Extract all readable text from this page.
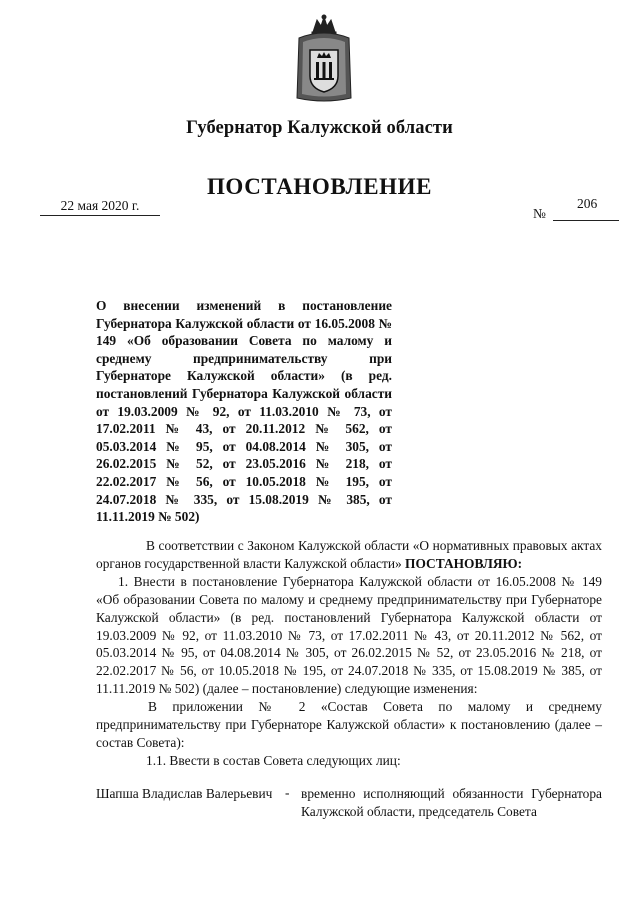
Губернатор Калужской области
ПОСТАНОВЛЕНИЕ
22 мая 2020 г.
№
206
О внесении изменений в постановление Губернатора Калужской области от 16.05.2008 № 149 «Об образовании Совета по малому и среднему предпринимательству при Губернаторе Калужской области» (в ред. постановлений Губернатора Калужской области от 19.03.2009 № 92, от 11.03.2010 № 73, от 17.02.2011 № 43, от 20.11.2012 № 562, от 05.03.2014 № 95, от 04.08.2014 № 305, от 26.02.2015 № 52, от 23.05.2016 № 218, от 22.02.2017 № 56, от 10.05.2018 № 195, от 24.07.2018 № 335, от 15.08.2019 № 385, от 11.11.2019 № 502)

В соответствии с Законом Калужской области «О нормативных правовых актах органов государственной власти Калужской области» ПОСТАНОВЛЯЮ:

1. Внести в постановление Губернатора Калужской области от 16.05.2008 № 149 «Об образовании Совета по малому и среднему предпринимательству при Губернаторе Калужской области» (в ред. постановлений Губернатора Калужской области от 19.03.2009 № 92, от 11.03.2010 № 73, от 17.02.2011 № 43, от 20.11.2012 № 562, от 05.03.2014 № 95, от 04.08.2014 № 305, от 26.02.2015 № 52, от 23.05.2016 № 218, от 22.02.2017 № 56, от 10.05.2018 № 195, от 24.07.2018 № 335, от 15.08.2019 № 385, от 11.11.2019 № 502) (далее – постановление) следующие изменения:

В приложении № 2 «Состав Совета по малому и среднему предпринимательству при Губернаторе Калужской области» к постановлению (далее – состав Совета):

1.1. Ввести в состав Совета следующих лиц:

Шапша Владислав Валерьевич - временно исполняющий обязанности Губернатора Калужской области, председатель Совета
